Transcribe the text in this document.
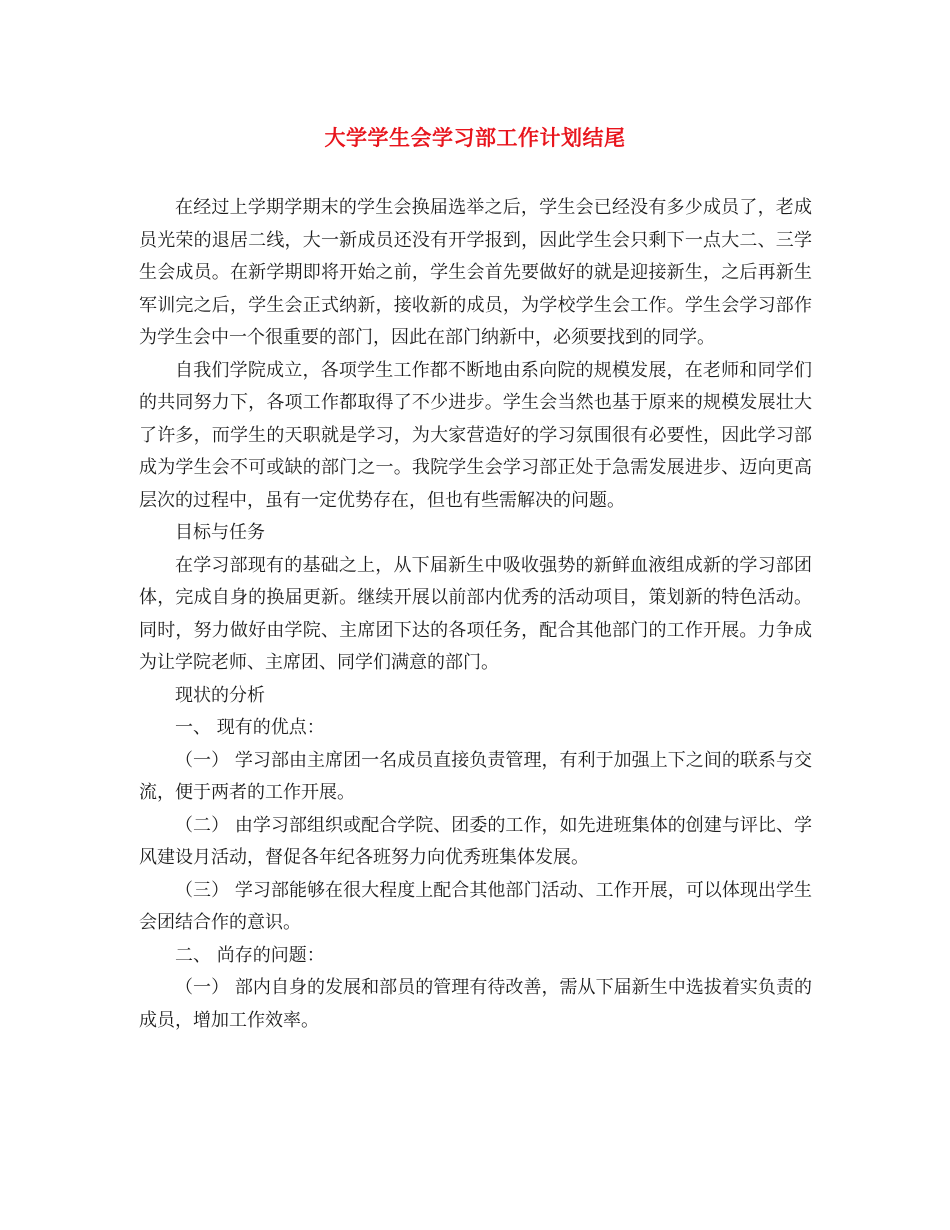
大学学生会学习部工作计划结尾

在经过上学期学期末的学生会换届选举之后，学生会已经没有多少成员了，老成员光荣的退居二线，大一新成员还没有开学报到，因此学生会只剩下一点大二、三学生会成员。在新学期即将开始之前，学生会首先要做好的就是迎接新生，之后再新生军训完之后，学生会正式纳新，接收新的成员，为学校学生会工作。学生会学习部作为学生会中一个很重要的部门，因此在部门纳新中，必须要找到的同学。

自我们学院成立，各项学生工作都不断地由系向院的规模发展，在老师和同学们的共同努力下，各项工作都取得了不少进步。学生会当然也基于原来的规模发展壮大了许多，而学生的天职就是学习，为大家营造好的学习氛围很有必要性，因此学习部成为学生会不可或缺的部门之一。我院学生会学习部正处于急需发展进步、迈向更高层次的过程中，虽有一定优势存在，但也有些需解决的问题。

目标与任务

在学习部现有的基础之上，从下届新生中吸收强势的新鲜血液组成新的学习部团体，完成自身的换届更新。继续开展以前部内优秀的活动项目，策划新的特色活动。同时，努力做好由学院、主席团下达的各项任务，配合其他部门的工作开展。力争成为让学院老师、主席团、同学们满意的部门。

现状的分析

一、 现有的优点：

（一） 学习部由主席团一名成员直接负责管理，有利于加强上下之间的联系与交流，便于两者的工作开展。

（二） 由学习部组织或配合学院、团委的工作，如先进班集体的创建与评比、学风建设月活动，督促各年纪各班努力向优秀班集体发展。

（三） 学习部能够在很大程度上配合其他部门活动、工作开展，可以体现出学生会团结合作的意识。

二、 尚存的问题：

（一） 部内自身的发展和部员的管理有待改善，需从下届新生中选拔着实负责的成员，增加工作效率。
